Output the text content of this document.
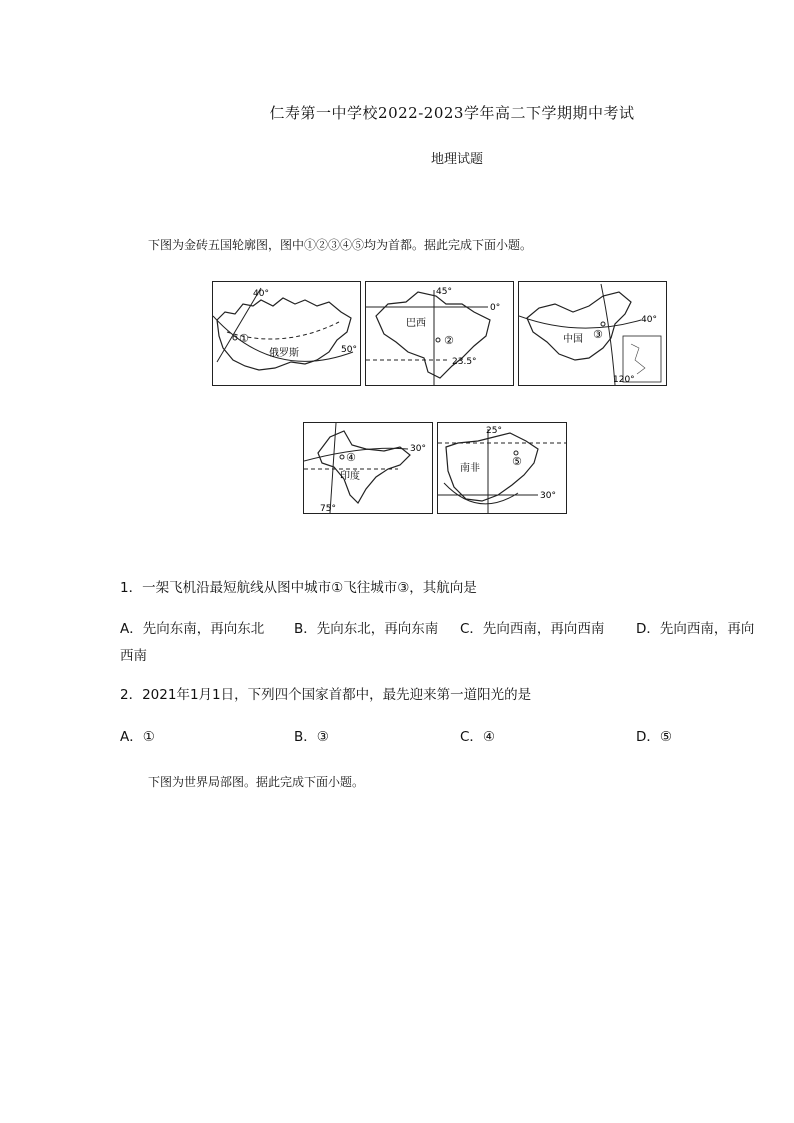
仁寿第一中学校2022-2023学年高二下学期期中考试
地理试题
下图为金砖五国轮廓图，图中①②③④⑤均为首都。据此完成下面小题。
40°
50°
①
俄罗斯
45°
0°
23.5°
②
巴西	40°
120°
③
中国
30°
75°
④
印度
25°
30°
⑤
南非
1．一架飞机沿最短航线从图中城市①飞往城市③，其航向是
A．先向东南，再向东北 B．先向东北，再向东南 C．先向西南，再向西南 D．先向西南，再向
西南
2．2021年1月1日，下列四个国家首都中，最先迎来第一道阳光的是
A．①	B．③	C．④	D．⑤
下图为世界局部图。据此完成下面小题。
